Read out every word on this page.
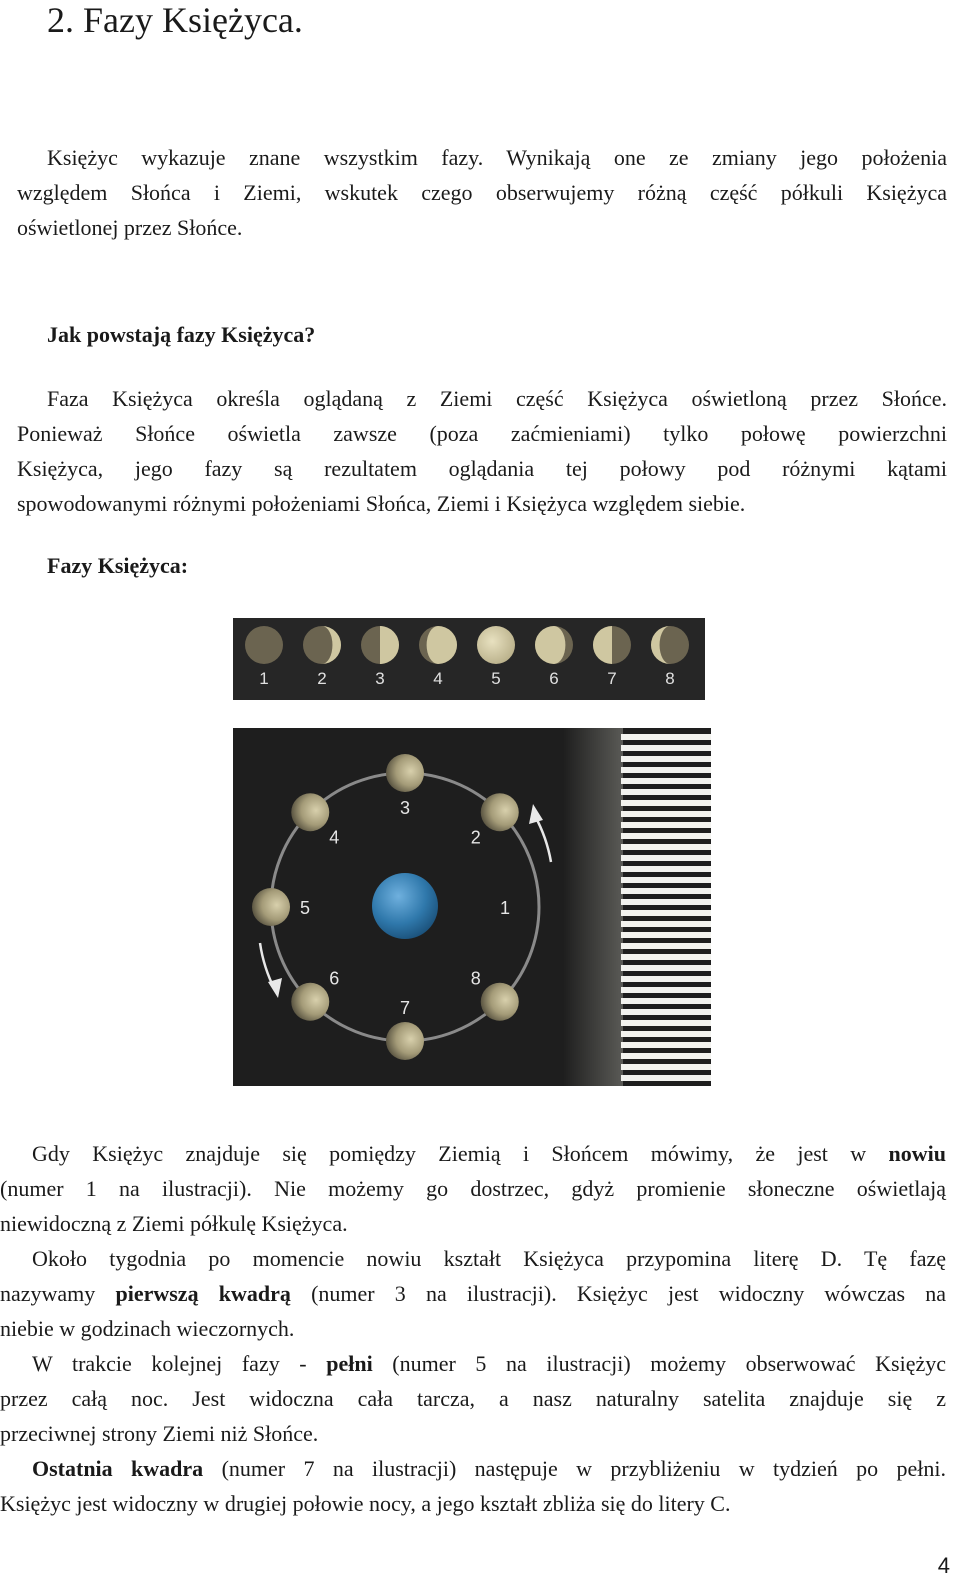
2. Fazy Księżyca.
Księżyc wykazuje znane wszystkim fazy. Wynikają one ze zmiany jego położenia
względem Słońca i Ziemi, wskutek czego obserwujemy różną część półkuli Księżyca
oświetlonej przez Słońce.
Jak powstają fazy Księżyca?
Faza Księżyca określa oglądaną z Ziemi część Księżyca oświetloną przez Słońce.
Ponieważ Słońce oświetla zawsze (poza zaćmieniami) tylko połowę powierzchni
Księżyca, jego fazy są rezultatem oglądania tej połowy pod różnymi kątami
spowodowanymi różnymi położeniami Słońca, Ziemi i Księżyca względem siebie.
Fazy Księżyca:
1	2	3	4	5	6	7	8
1
2
3
4
5
6
7
8
Gdy Księżyc znajduje się pomiędzy Ziemią i Słońcem mówimy, że jest w nowiu
(numer 1 na ilustracji). Nie możemy go dostrzec, gdyż promienie słoneczne oświetlają
niewidoczną z Ziemi półkulę Księżyca.
Około tygodnia po momencie nowiu kształt Księżyca przypomina literę D. Tę fazę
nazywamy pierwszą kwadrą (numer 3 na ilustracji). Księżyc jest widoczny wówczas na
niebie w godzinach wieczornych.
W trakcie kolejnej fazy - pełni (numer 5 na ilustracji) możemy obserwować Księżyc
przez całą noc. Jest widoczna cała tarcza, a nasz naturalny satelita znajduje się z
przeciwnej strony Ziemi niż Słońce.
Ostatnia kwadra (numer 7 na ilustracji) następuje w przybliżeniu w tydzień po pełni.
Księżyc jest widoczny w drugiej połowie nocy, a jego kształt zbliża się do litery C.
4
